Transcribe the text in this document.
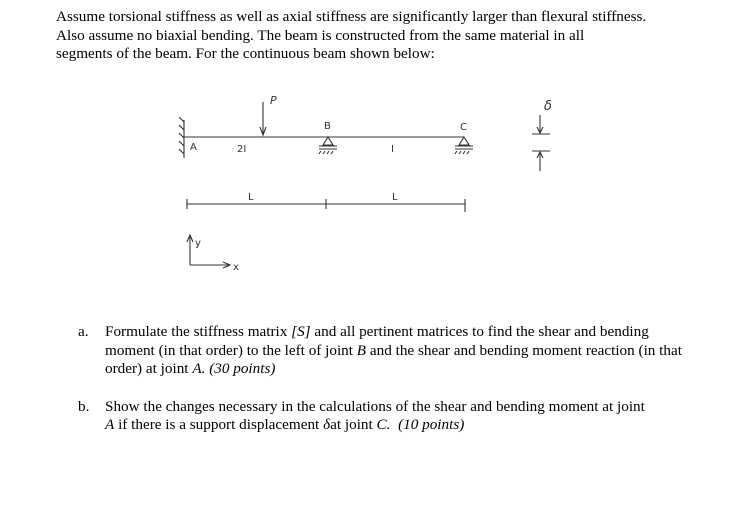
Assume torsional stiffness as well as axial stiffness are significantly larger than flexural stiffness.

Also assume no biaxial bending. The beam is constructed from the same material in all

segments of the beam. For the continuous beam shown below:

P
A	2I
B
I
C
δ
L	L
y
x
a.	Formulate the stiffness matrix [S] and all pertinent matrices to find the shear and bending moment (in that order) to the left of joint B and the shear and bending moment reaction (in that order) at joint A. (30 points)
b.	Show the changes necessary in the calculations of the shear and bending moment at joint
A if there is a support displacement δat joint C. (10 points)
